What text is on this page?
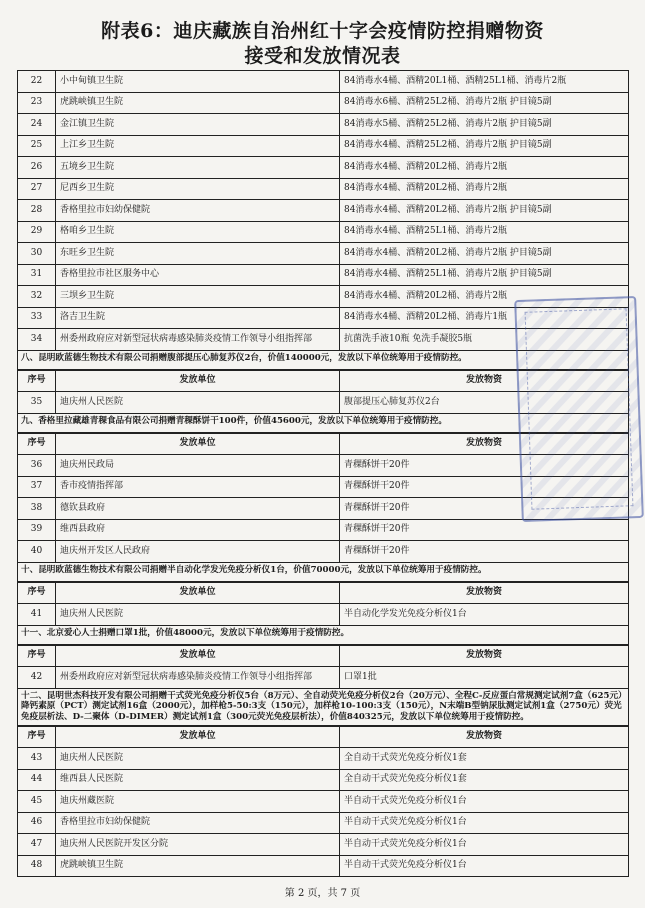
附表6：迪庆藏族自治州红十字会疫情防控捐赠物资
接受和发放情况表
22	小中甸镇卫生院	84消毒水4桶、酒精20L1桶、酒精25L1桶、消毒片2瓶
23	虎跳峡镇卫生院	84消毒水6桶、酒精25L2桶、消毒片2瓶 护目镜5副
24	金江镇卫生院	84消毒水5桶、酒精25L2桶、消毒片2瓶 护目镜5副
25	上江乡卫生院	84消毒水4桶、酒精25L2桶、消毒片2瓶 护目镜5副
26	五境乡卫生院	84消毒水4桶、酒精20L2桶、消毒片2瓶
27	尼西乡卫生院	84消毒水4桶、酒精20L2桶、消毒片2瓶
28	香格里拉市妇幼保健院	84消毒水4桶、酒精20L2桶、消毒片2瓶 护目镜5副
29	格咱乡卫生院	84消毒水4桶、酒精25L1桶、消毒片2瓶
30	东旺乡卫生院	84消毒水4桶、酒精20L2桶、消毒片2瓶 护目镜5副
31	香格里拉市社区服务中心	84消毒水4桶、酒精25L1桶、消毒片2瓶 护目镜5副
32	三坝乡卫生院	84消毒水4桶、酒精20L2桶、消毒片2瓶
33	洛吉卫生院	84消毒水4桶、酒精20L2桶、消毒片1瓶
34	州委州政府应对新型冠状病毒感染肺炎疫情工作领导小组指挥部	抗菌洗手液10瓶 免洗手凝胶5瓶
八、昆明欧蓝德生物技术有限公司捐赠腹部提压心肺复苏仪2台，价值140000元，发放以下单位统筹用于疫情防控。
序号	发放单位	发放物资
35	迪庆州人民医院	腹部提压心肺复苏仪2台
九、香格里拉藏雄青稞食品有限公司捐赠青稞酥饼干100件，价值45600元，发放以下单位统筹用于疫情防控。
序号	发放单位	发放物资
36	迪庆州民政局	青稞酥饼干20件
37	香市疫情指挥部	青稞酥饼干20件
38	德钦县政府	青稞酥饼干20件
39	维西县政府	青稞酥饼干20件
40	迪庆州开发区人民政府	青稞酥饼干20件
十、昆明欧蓝德生物技术有限公司捐赠半自动化学发光免疫分析仪1台，价值70000元，发放以下单位统筹用于疫情防控。
序号	发放单位	发放物资
41	迪庆州人民医院	半自动化学发光免疫分析仪1台
十一、北京爱心人士捐赠口罩1批，价值48000元，发放以下单位统筹用于疫情防控。
序号	发放单位	发放物资
42	州委州政府应对新型冠状病毒感染肺炎疫情工作领导小组指挥部	口罩1批
十二、昆明世杰科技开发有限公司捐赠干式荧光免疫分析仪5台（8万元）、全自动荧光免疫分析仪2台（20万元）、全程C-反应蛋白常规测定试剂7盒（625元）降钙素原（PCT）测定试剂16盒（2000元），加样枪5-50:3支（150元），加样枪10-100:3支（150元），N末端B型钠尿肽测定试剂1盒（2750元）荧光免疫层析法、D-二聚体（D-DIMER）测定试剂1盒（300元荧光免疫层析法），价值840325元，发放以下单位统筹用于疫情防控。
序号	发放单位	发放物资
43	迪庆州人民医院	全自动干式荧光免疫分析仪1套
44	维西县人民医院	全自动干式荧光免疫分析仪1套
45	迪庆州藏医院	半自动干式荧光免疫分析仪1台
46	香格里拉市妇幼保健院	半自动干式荧光免疫分析仪1台
47	迪庆州人民医院开发区分院	半自动干式荧光免疫分析仪1台
48	虎跳峡镇卫生院	半自动干式荧光免疫分析仪1台
第 2 页，共 7 页
